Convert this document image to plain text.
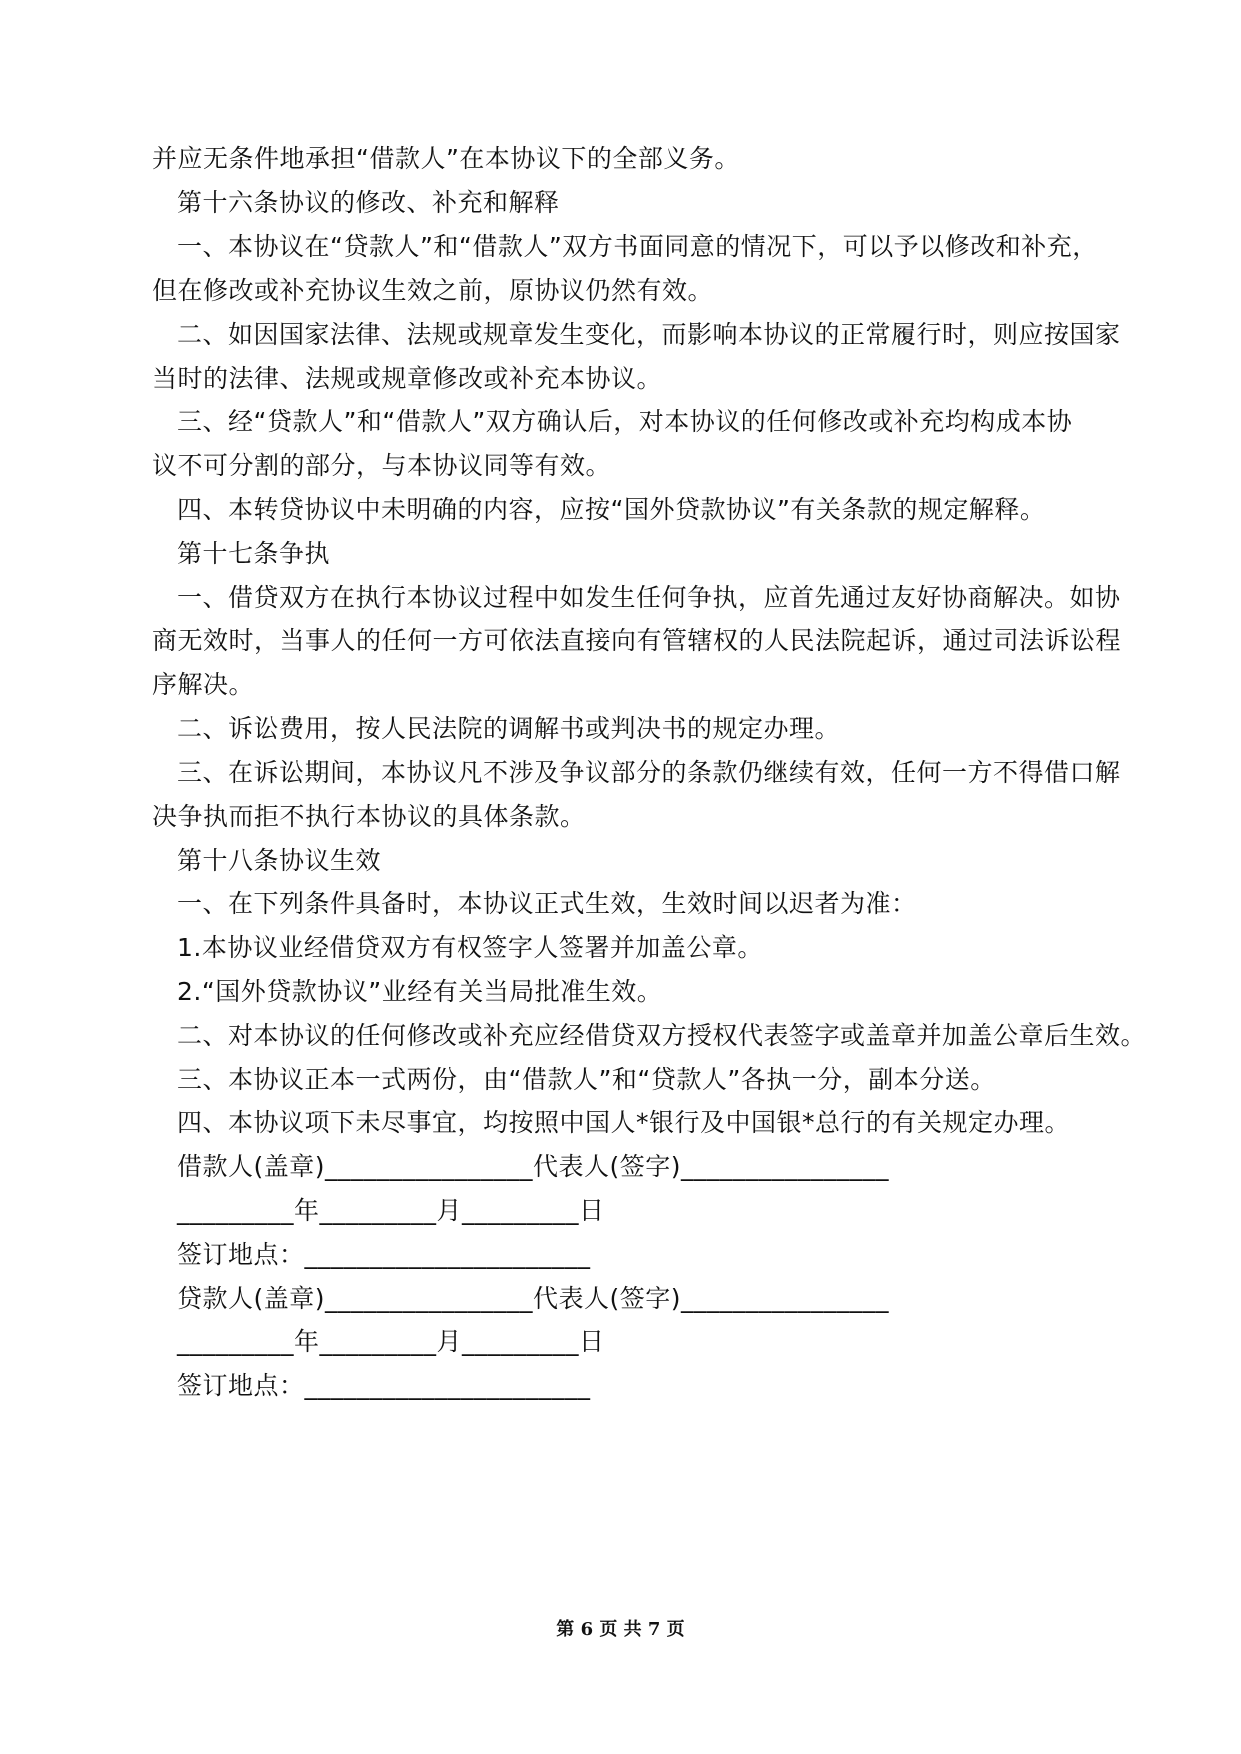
并应无条件地承担“借款人”在本协议下的全部义务。
第十六条协议的修改、补充和解释
一、本协议在“贷款人”和“借款人”双方书面同意的情况下，可以予以修改和补充，
但在修改或补充协议生效之前，原协议仍然有效。
二、如因国家法律、法规或规章发生变化，而影响本协议的正常履行时，则应按国家
当时的法律、法规或规章修改或补充本协议。
三、经“贷款人”和“借款人”双方确认后，对本协议的任何修改或补充均构成本协
议不可分割的部分，与本协议同等有效。
四、本转贷协议中未明确的内容，应按“国外贷款协议”有关条款的规定解释。
第十七条争执
一、借贷双方在执行本协议过程中如发生任何争执，应首先通过友好协商解决。如协
商无效时，当事人的任何一方可依法直接向有管辖权的人民法院起诉，通过司法诉讼程
序解决。
二、诉讼费用，按人民法院的调解书或判决书的规定办理。
三、在诉讼期间，本协议凡不涉及争议部分的条款仍继续有效，任何一方不得借口解
决争执而拒不执行本协议的具体条款。
第十八条协议生效
一、在下列条件具备时，本协议正式生效，生效时间以迟者为准：
1.本协议业经借贷双方有权签字人签署并加盖公章。
2.“国外贷款协议”业经有关当局批准生效。
二、对本协议的任何修改或补充应经借贷双方授权代表签字或盖章并加盖公章后生效。
三、本协议正本一式两份，由“借款人”和“贷款人”各执一分，副本分送。
四、本协议项下未尽事宜，均按照中国人*银行及中国银*总行的有关规定办理。
借款人(盖章)________________代表人(签字)________________
_________年_________月_________日
签订地点：______________________
贷款人(盖章)________________代表人(签字)________________
_________年_________月_________日
签订地点：______________________
第 6 页 共 7 页
